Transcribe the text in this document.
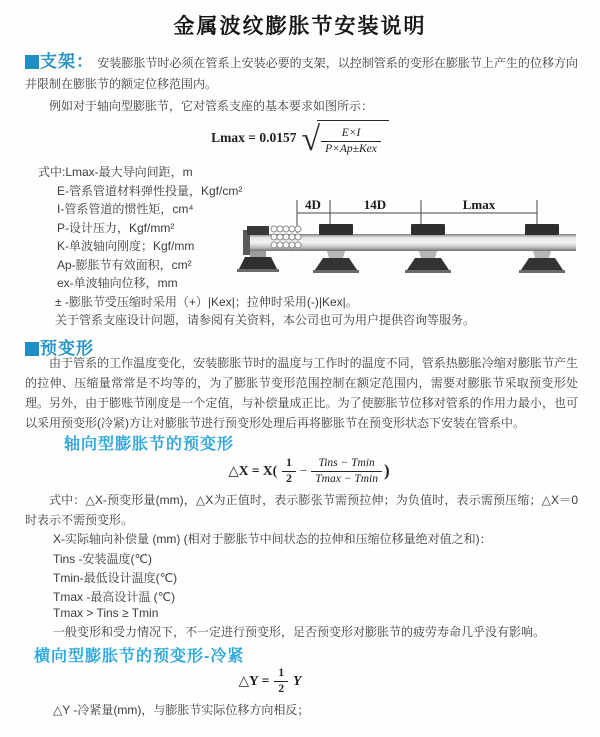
金属波纹膨胀节安装说明
支架： 安装膨胀节时必须在管系上安装必要的支架，以控制管系的变形在膨胀节上产生的位移方向并限制在膨胀节的额定位移范围内。
例如对于轴向型膨胀节，它对管系支座的基本要求如图所示：
Lmax = 0.0157 √	E×I
P×Ap±Kex
式中:Lmax-最大导向间距，m
E-管系管道材料弹性投量，Kgf/cm²
I-管系管道的惯性矩，cm⁴
P-设计压力，Kgf/mm²
K-单波轴向刚度；Kgf/mm
Ap-膨胀节有效面积，cm²
ex-单波轴向位移，mm
± -膨胀节受压缩时采用（+）|Kex|；拉伸时采用(-)|Kex|。
关于管系支座设计问题，请参阅有关资料，本公司也可为用户提供咨询等服务。
4D	14D	Lmax
预变形
由于管系的工作温度变化，安装膨胀节时的温度与工作时的温度不同，管系热膨胀冷缩对膨胀节产生的拉伸、压缩量常常是不均等的，为了膨胀节变形范围控制在额定范围内，需要对膨胀节采取预变形处理。另外，由于膨账节刚度是一个定值，与补偿量成正比。为了使膨胀节位移对管系的作用力最小，也可以采用预变形(冷紧)方让对膨胀节进行预变形处理后再将膨胀节在预变形状态下安装在管系中。
轴向型膨胀节的预变形
△X = $X( \frac{1}{2}$ − Tins − Tmin
Tmax − Tmin )
式中：△X-预变形量(mm)，△X为正值时，表示膨张节需预拉伸；为负值时，表示需预压缩；△X＝0时表示不需预变形。
X-实际轴向补偿量 (mm) (相对于膨胀节中间状态的拉伸和压缩位移量绝对值之和)：
Tins -安装温度(℃)
Tmin-最低设计温度(℃)
Tmax -最高设计温 (℃)
Tmax > Tins ≥ Tmin
一般变形和受力情况下，不一定进行预变形，足否预变形对膨胀节的疲劳寿命几乎没有影响。
横向型膨胀节的预变形-冷紧
△Y = $\frac{1}{2}$ Y
△Y -冷紧量(mm)，与膨胀节实际位移方向相反；
